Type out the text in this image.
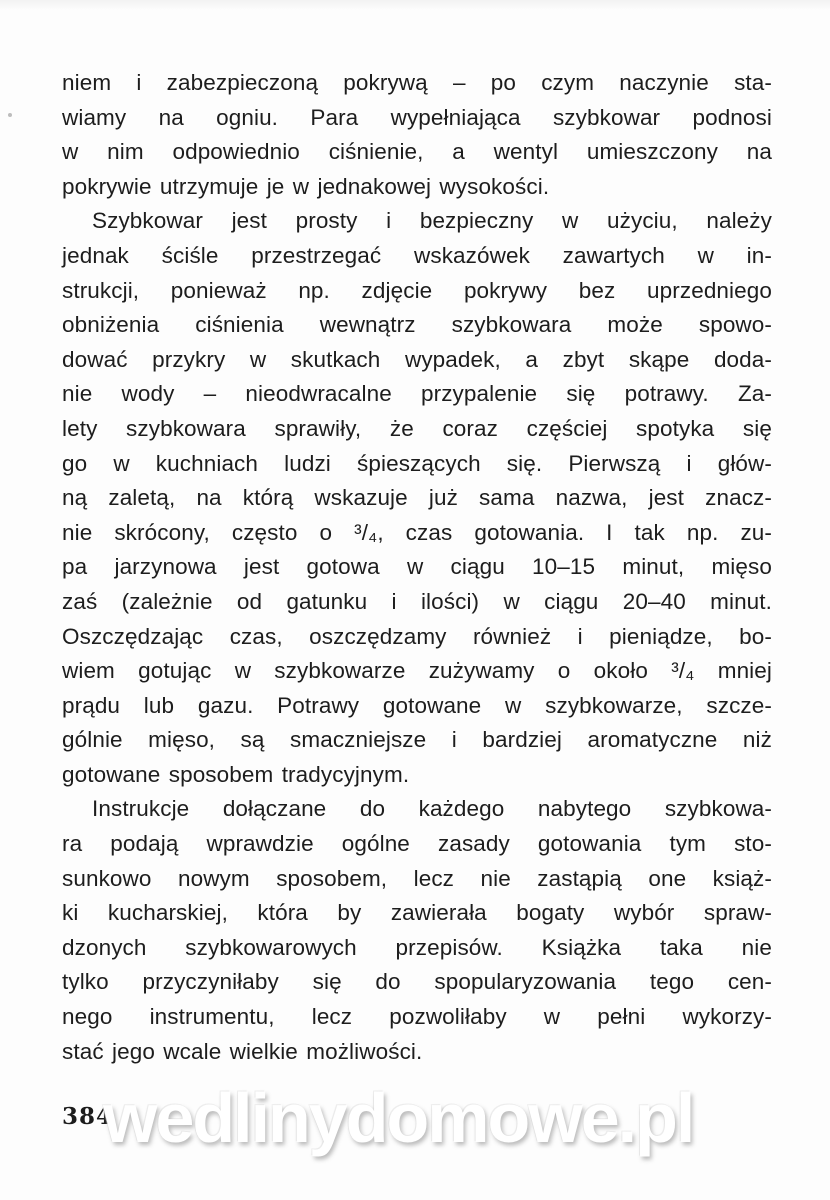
niem i zabezpieczoną pokrywą – po czym naczynie sta-
wiamy na ogniu. Para wypełniająca szybkowar podnosi
w nim odpowiednio ciśnienie, a wentyl umieszczony na
pokrywie utrzymuje je w jednakowej wysokości.
Szybkowar jest prosty i bezpieczny w użyciu, należy
jednak ściśle przestrzegać wskazówek zawartych w in-
strukcji, ponieważ np. zdjęcie pokrywy bez uprzedniego
obniżenia ciśnienia wewnątrz szybkowara może spowo-
dować przykry w skutkach wypadek, a zbyt skąpe doda-
nie wody – nieodwracalne przypalenie się potrawy. Za-
lety szybkowara sprawiły, że coraz częściej spotyka się
go w kuchniach ludzi śpieszących się. Pierwszą i głów-
ną zaletą, na którą wskazuje już sama nazwa, jest znacz-
nie skrócony, często o ³/₄, czas gotowania. I tak np. zu-
pa jarzynowa jest gotowa w ciągu 10–15 minut, mięso
zaś (zależnie od gatunku i ilości) w ciągu 20–40 minut.
Oszczędzając czas, oszczędzamy również i pieniądze, bo-
wiem gotując w szybkowarze zużywamy o około ³/₄ mniej
prądu lub gazu. Potrawy gotowane w szybkowarze, szcze-
gólnie mięso, są smaczniejsze i bardziej aromatyczne niż
gotowane sposobem tradycyjnym.
Instrukcje dołączane do każdego nabytego szybkowa-
ra podają wprawdzie ogólne zasady gotowania tym sto-
sunkowo nowym sposobem, lecz nie zastąpią one książ-
ki kucharskiej, która by zawierała bogaty wybór spraw-
dzonych szybkowarowych przepisów. Książka taka nie
tylko przyczyniłaby się do spopularyzowania tego cen-
nego instrumentu, lecz pozwoliłaby w pełni wykorzy-
stać jego wcale wielkie możliwości.
384
wedlinydomowe.pl
